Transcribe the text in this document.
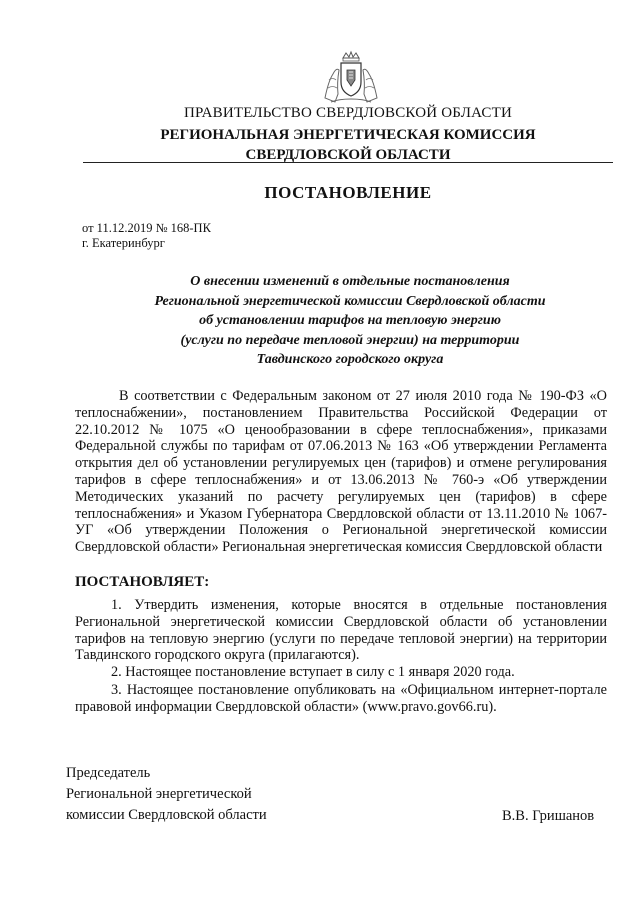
ПРАВИТЕЛЬСТВО СВЕРДЛОВСКОЙ ОБЛАСТИ
РЕГИОНАЛЬНАЯ ЭНЕРГЕТИЧЕСКАЯ КОМИССИЯ
СВЕРДЛОВСКОЙ ОБЛАСТИ
ПОСТАНОВЛЕНИЕ
от 11.12.2019 № 168-ПК
г. Екатеринбург
О внесении изменений в отдельные постановления
Региональной энергетической комиссии Свердловской области
об установлении тарифов на тепловую энергию
(услуги по передаче тепловой энергии) на территории
Тавдинского городского округа
В соответствии с Федеральным законом от 27 июля 2010 года № 190-ФЗ «О теплоснабжении», постановлением Правительства Российской Федерации от 22.10.2012 № 1075 «О ценообразовании в сфере теплоснабжения», приказами Федеральной службы по тарифам от 07.06.2013 № 163 «Об утверждении Регламента открытия дел об установлении регулируемых цен (тарифов) и отмене регулирования тарифов в сфере теплоснабжения» и от 13.06.2013 № 760-э «Об утверждении Методических указаний по расчету регулируемых цен (тарифов) в сфере теплоснабжения» и Указом Губернатора Свердловской области от 13.11.2010 № 1067-УГ «Об утверждении Положения о Региональной энергетической комиссии Свердловской области» Региональная энергетическая комиссия Свердловской области
ПОСТАНОВЛЯЕТ:
1. Утвердить изменения, которые вносятся в отдельные постановления Региональной энергетической комиссии Свердловской области об установлении тарифов на тепловую энергию (услуги по передаче тепловой энергии) на территории Тавдинского городского округа (прилагаются).
2. Настоящее постановление вступает в силу с 1 января 2020 года.
3. Настоящее постановление опубликовать на «Официальном интернет-портале правовой информации Свердловской области» (www.pravo.gov66.ru).
Председатель
Региональной энергетической
комиссии Свердловской области	В.В. Гришанов
